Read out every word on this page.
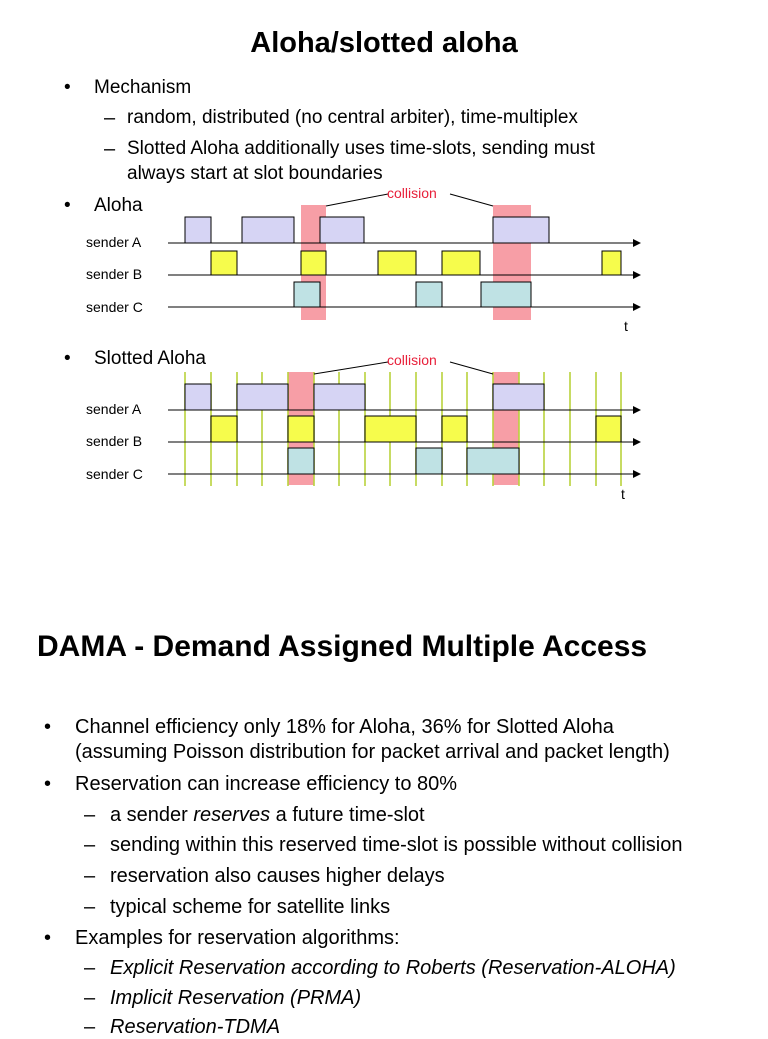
Aloha/slotted aloha
• Mechanism
– random, distributed (no central arbiter), time-multiplex
– Slotted Aloha additionally uses time-slots, sending must
always start at slot boundaries
• Aloha
• Slotted Aloha
collision
sender A
sender B
sender C
t
collision
sender A
sender B
sender C
t
DAMA - Demand Assigned Multiple Access
• Channel efficiency only 18% for Aloha, 36% for Slotted Aloha
(assuming Poisson distribution for packet arrival and packet length)
• Reservation can increase efficiency to 80%
– a sender reserves a future time-slot
– sending within this reserved time-slot is possible without collision
– reservation also causes higher delays
– typical scheme for satellite links
• Examples for reservation algorithms:
– Explicit Reservation according to Roberts (Reservation-ALOHA)
– Implicit Reservation (PRMA)
– Reservation-TDMA
